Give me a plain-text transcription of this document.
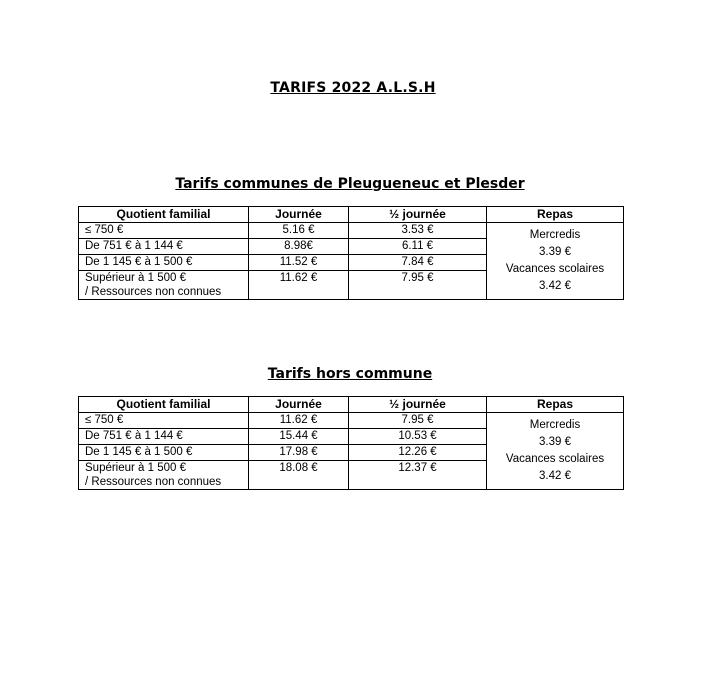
TARIFS 2022 A.L.S.H
Tarifs communes de Pleugueneuc et Plesder
Quotient familial	Journée	½ journée	Repas
≤ 750 €	5.16 €	3.53 €	Mercredis
3.39 €
Vacances scolaires
3.42 €

De 751 € à 1 144 €	8.98€	6.11 €	
De 1 145 € à 1 500 €	11.52 €	7.84 €	

Supérieur à 1 500 €
/ Ressources non connues	11.62 €	7.95 €	
Tarifs hors commune
Quotient familial	Journée	½ journée	Repas
≤ 750 €	11.62 €	7.95 €	Mercredis
3.39 €
Vacances scolaires
3.42 €

De 751 € à 1 144 €	15.44 €	10.53 €	
De 1 145 € à 1 500 €	17.98 €	12.26 €	

Supérieur à 1 500 €
/ Ressources non connues	18.08 €	12.37 €	
